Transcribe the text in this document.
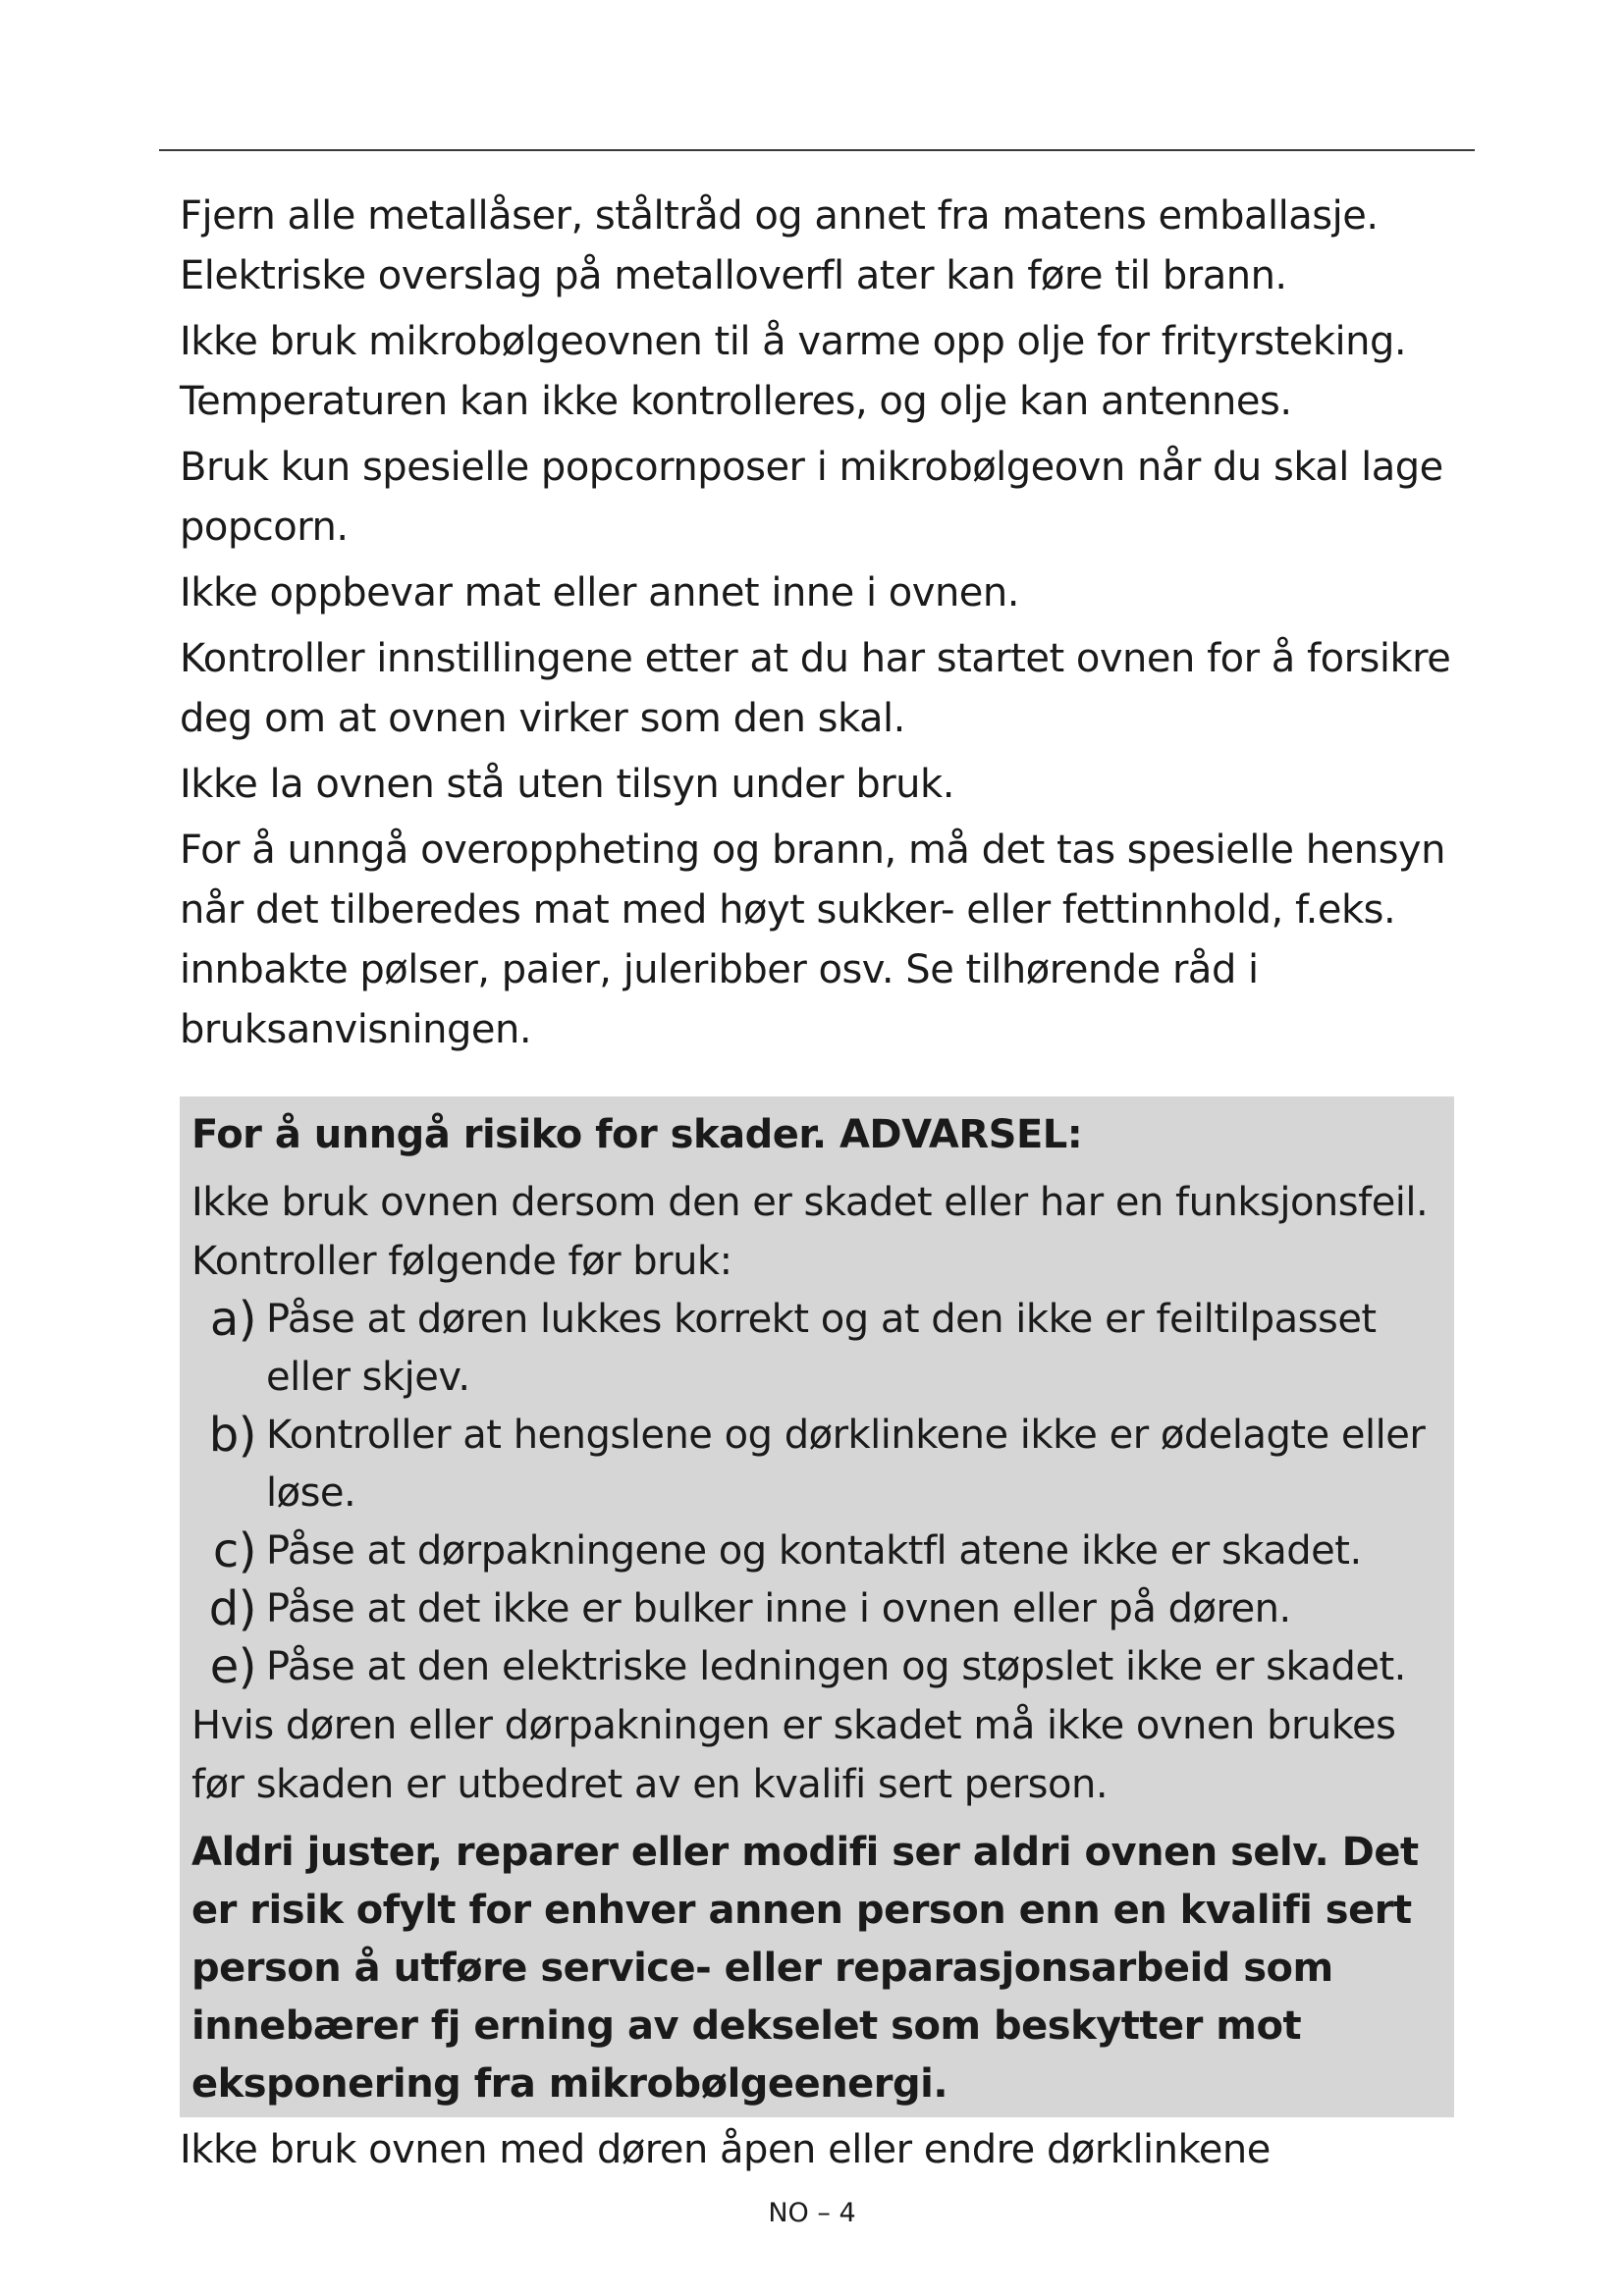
Fjern alle metallåser, ståltråd og annet fra matens emballasje. Elektriske overslag på metalloverfl ater kan føre til brann.

Ikke bruk mikrobølgeovnen til å varme opp olje for frityrsteking. Temperaturen kan ikke kontrolleres, og olje kan antennes.

Bruk kun spesielle popcornposer i mikrobølgeovn når du skal lage popcorn.

Ikke oppbevar mat eller annet inne i ovnen.

Kontroller innstillingene etter at du har startet ovnen for å forsikre deg om at ovnen virker som den skal.

Ikke la ovnen stå uten tilsyn under bruk.

For å unngå overoppheting og brann, må det tas spesielle hensyn når det tilberedes mat med høyt sukker- eller fettinnhold, f.eks. innbakte pølser, paier, juleribber osv. Se tilhørende råd i bruksanvisningen.

For å unngå risiko for skader. ADVARSEL:

Ikke bruk ovnen dersom den er skadet eller har en funksjonsfeil. Kontroller følgende før bruk:

a) Påse at døren lukkes korrekt og at den ikke er feiltilpasset eller skjev.
b) Kontroller at hengslene og dørklinkene ikke er ødelagte eller løse.
c) Påse at dørpakningene og kontaktfl atene ikke er skadet.
d) Påse at det ikke er bulker inne i ovnen eller på døren.
e) Påse at den elektriske ledningen og støpslet ikke er skadet.

Hvis døren eller dørpakningen er skadet må ikke ovnen brukes før skaden er utbedret av en kvalifi sert person.

Aldri juster, reparer eller modifi ser aldri ovnen selv. Det er risik ofylt for enhver annen person enn en kvalifi sert person å utføre service- eller reparasjonsarbeid som innebærer fj erning av dekselet som beskytter mot eksponering fra mikrobølgeenergi.

Ikke bruk ovnen med døren åpen eller endre dørklinkene

NO – 4
